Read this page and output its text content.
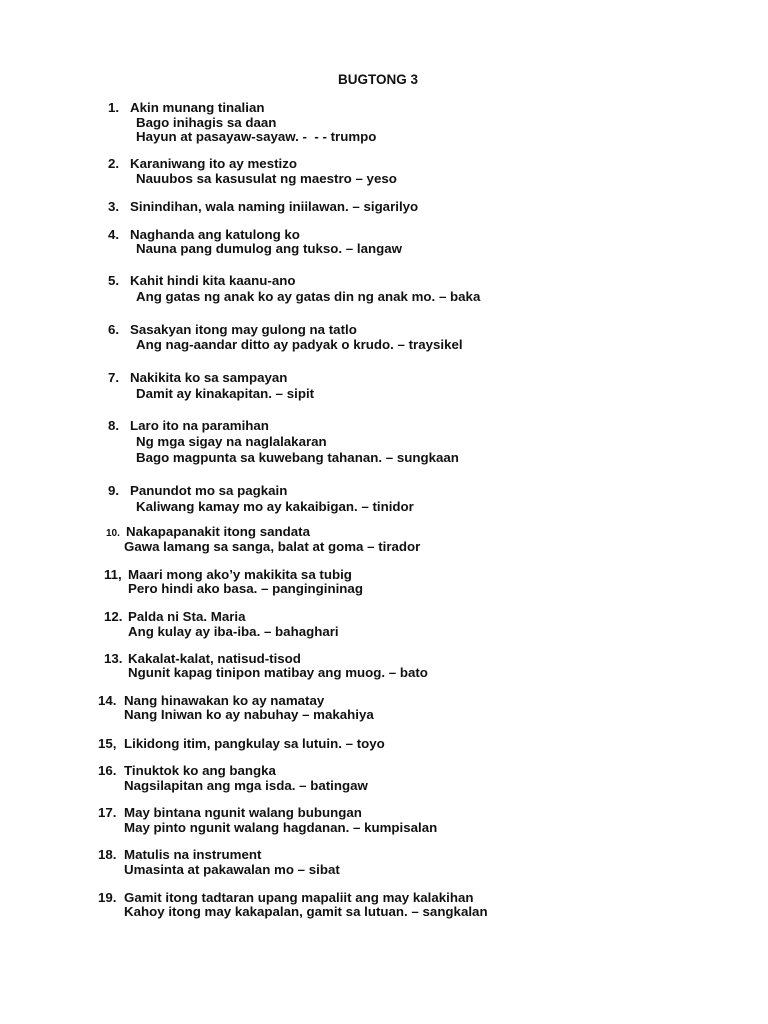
BUGTONG 3
1. Akin munang tinalian
Bago inihagis sa daan
Hayun at pasayaw-sayaw. -  - - trumpo
2. Karaniwang ito ay mestizo
Nauubos sa kasusulat ng maestro – yeso
3. Sinindihan, wala naming iniilawan. – sigarilyo
4. Naghanda ang katulong ko
Nauna pang dumulog ang tukso. – langaw
5. Kahit hindi kita kaanu-ano
Ang gatas ng anak ko ay gatas din ng anak mo. – baka
6. Sasakyan itong may gulong na tatlo
Ang nag-aandar ditto ay padyak o krudo. – traysikel
7. Nakikita ko sa sampayan
Damit ay kinakapitan. – sipit
8. Laro ito na paramihan
Ng mga sigay na naglalakaran
Bago magpunta sa kuwebang tahanan. – sungkaan
9. Panundot mo sa pagkain
Kaliwang kamay mo ay kakaibigan. – tinidor
10. Nakapapanakit itong sandata
Gawa lamang sa sanga, balat at goma – tirador
11, Maari mong ako’y makikita sa tubig
Pero hindi ako basa. – pangingininag
12. Palda ni Sta. Maria
Ang kulay ay iba-iba. – bahaghari
13. Kakalat-kalat, natisud-tisod
Ngunit kapag tinipon matibay ang muog. – bato
14. Nang hinawakan ko ay namatay
Nang Iniwan ko ay nabuhay – makahiya
15, Likidong itim, pangkulay sa lutuin. – toyo
16. Tinuktok ko ang bangka
Nagsilapitan ang mga isda. – batingaw
17. May bintana ngunit walang bubungan
May pinto ngunit walang hagdanan. – kumpisalan
18. Matulis na instrument
Umasinta at pakawalan mo – sibat
19. Gamit itong tadtaran upang mapaliit ang may kalakihan
Kahoy itong may kakapalan, gamit sa lutuan. – sangkalan
